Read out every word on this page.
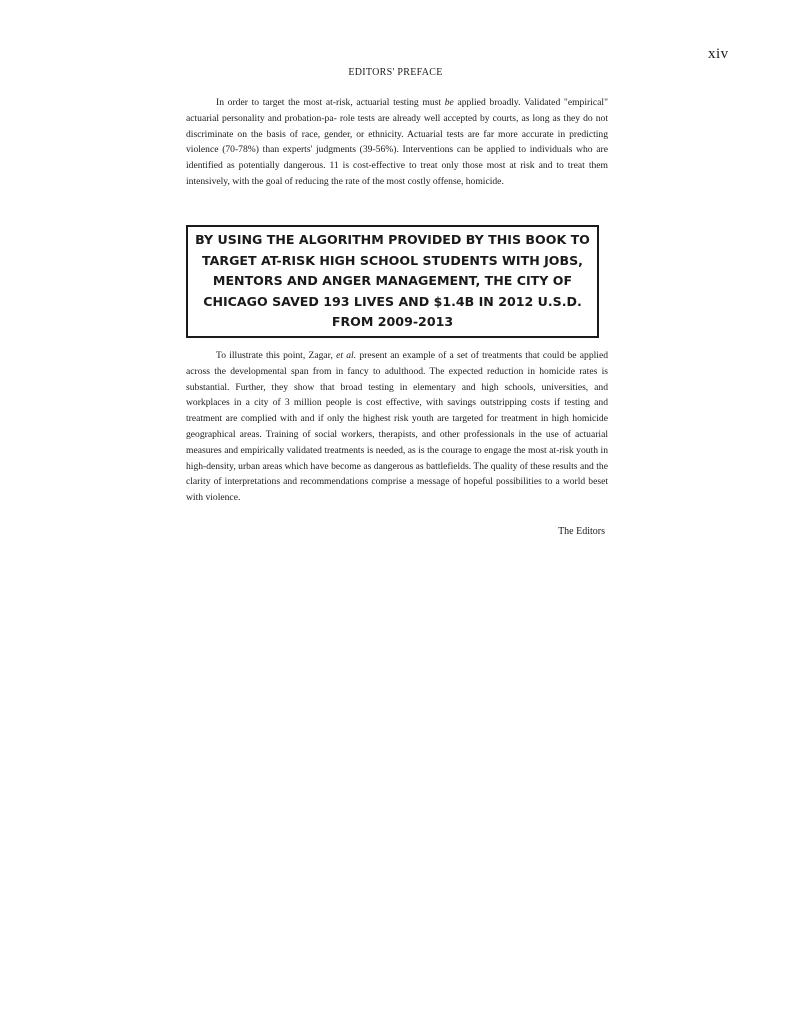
xiv
EDITORS' PREFACE

In order to target the most at-risk, actuarial testing must be applied broadly. Validated "empirical" actuarial personality and probation-pa- role tests are already well accepted by courts, as long as they do not discriminate on the basis of race, gender, or ethnicity. Actuarial tests are far more accurate in predicting violence (70-78%) than experts' judgments (39-56%). Interventions can be applied to individuals who are identified as potentially dangerous. 11 is cost-effective to treat only those most at risk and to treat them intensively, with the goal of reducing the rate of the most costly offense, homicide.

BY USING THE ALGORITHM PROVIDED BY THIS BOOK TO TARGET AT-RISK HIGH SCHOOL STUDENTS WITH JOBS, MENTORS AND ANGER MANAGEMENT, THE CITY OF CHICAGO SAVED 193 LIVES AND $1.4B IN 2012 U.S.D. FROM 2009-2013

To illustrate this point, Zagar, et al. present an example of a set of treatments that could be applied across the developmental span from in fancy to adulthood. The expected reduction in homicide rates is substantial. Further, they show that broad testing in elementary and high schools, universities, and workplaces in a city of 3 million people is cost effective, with savings outstripping costs if testing and treatment are complied with and if only the highest risk youth are targeted for treatment in high homicide geographical areas. Training of social workers, therapists, and other professionals in the use of actuarial measures and empirically validated treatments is needed, as is the courage to engage the most at-risk youth in high-density, urban areas which have become as dangerous as battlefields. The quality of these results and the clarity of interpretations and recommendations comprise a message of hopeful possibilities to a world beset with violence.

The Editors
